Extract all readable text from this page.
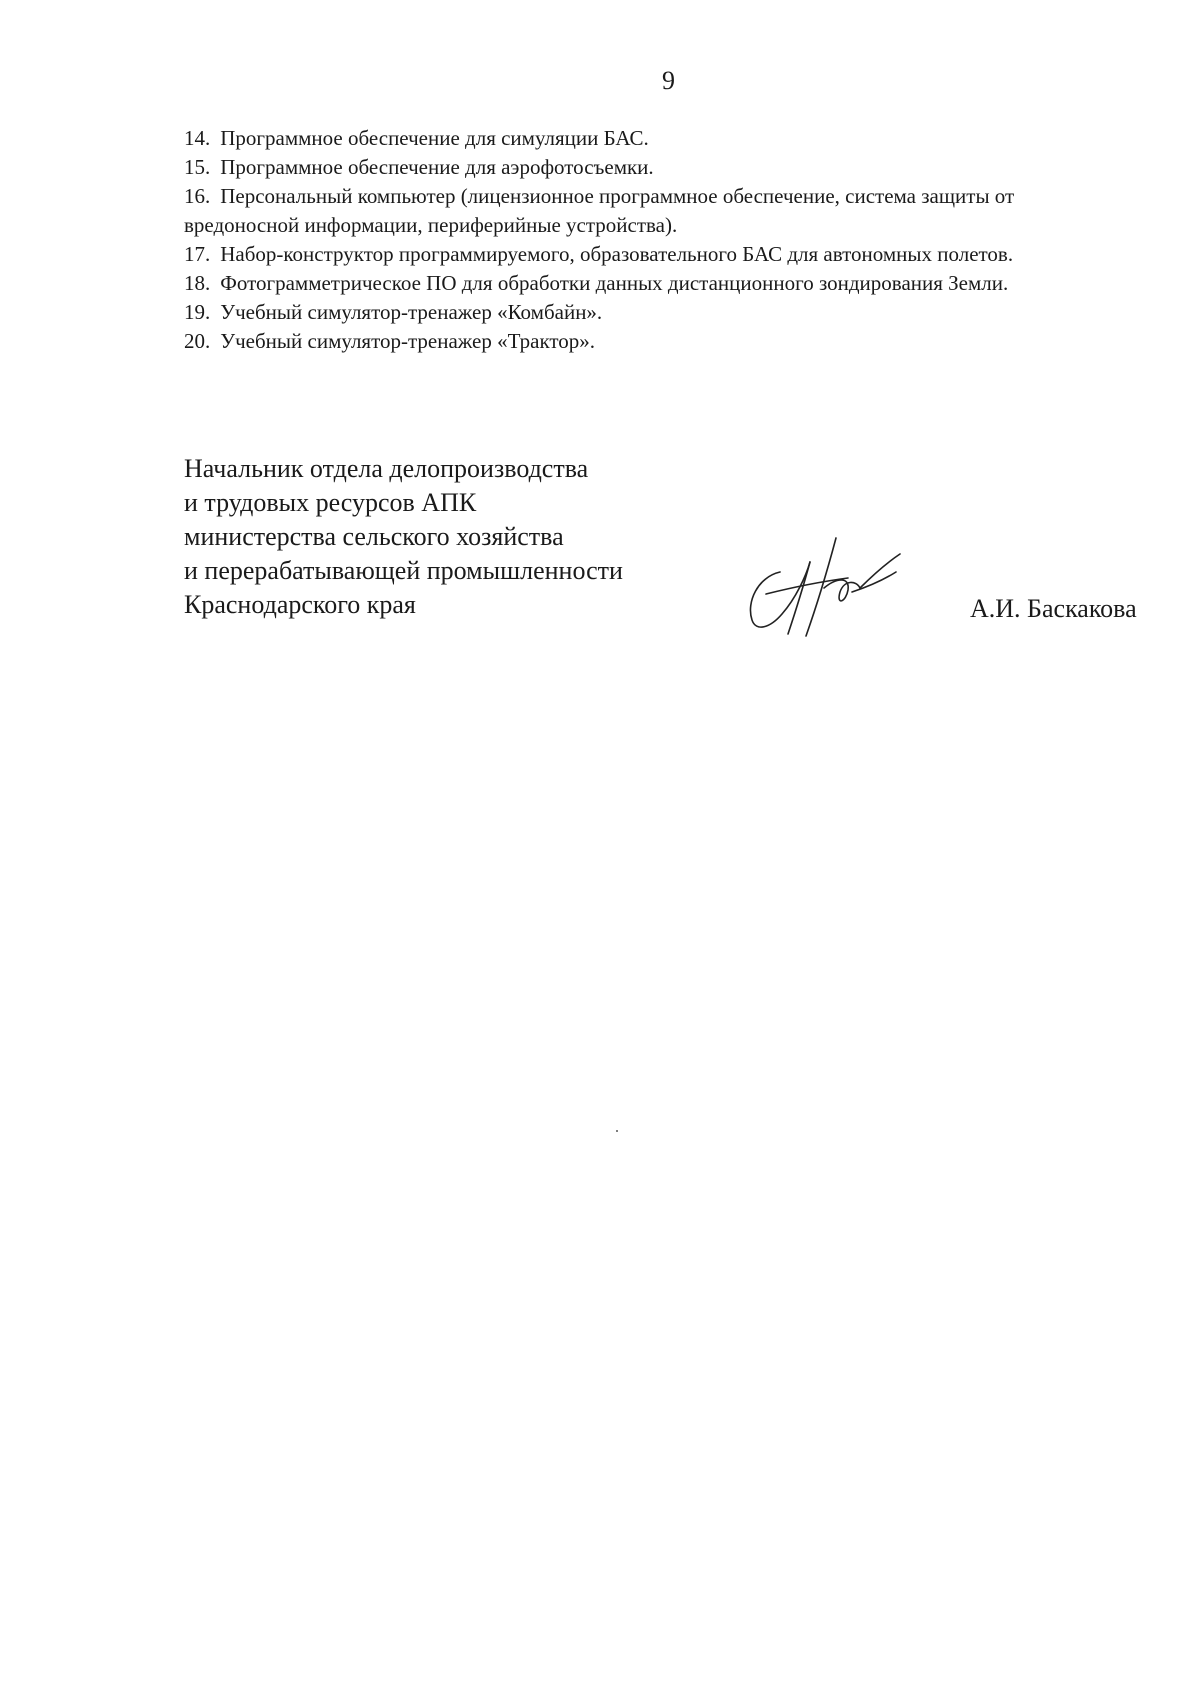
9
14. Программное обеспечение для симуляции БАС.
15. Программное обеспечение для аэрофотосъемки.
16. Персональный компьютер (лицензионное программное обеспечение, система защиты от
вредоносной информации, периферийные устройства).
17. Набор-конструктор программируемого, образовательного БАС для автономных полетов.
18. Фотограмметрическое ПО для обработки данных дистанционного зондирования Земли.
19. Учебный симулятор-тренажер «Комбайн».
20. Учебный симулятор-тренажер «Трактор».
Начальник отдела делопроизводства
и трудовых ресурсов АПК
министерства сельского хозяйства
и перерабатывающей промышленности
Краснодарского края	А.И. Баскакова
